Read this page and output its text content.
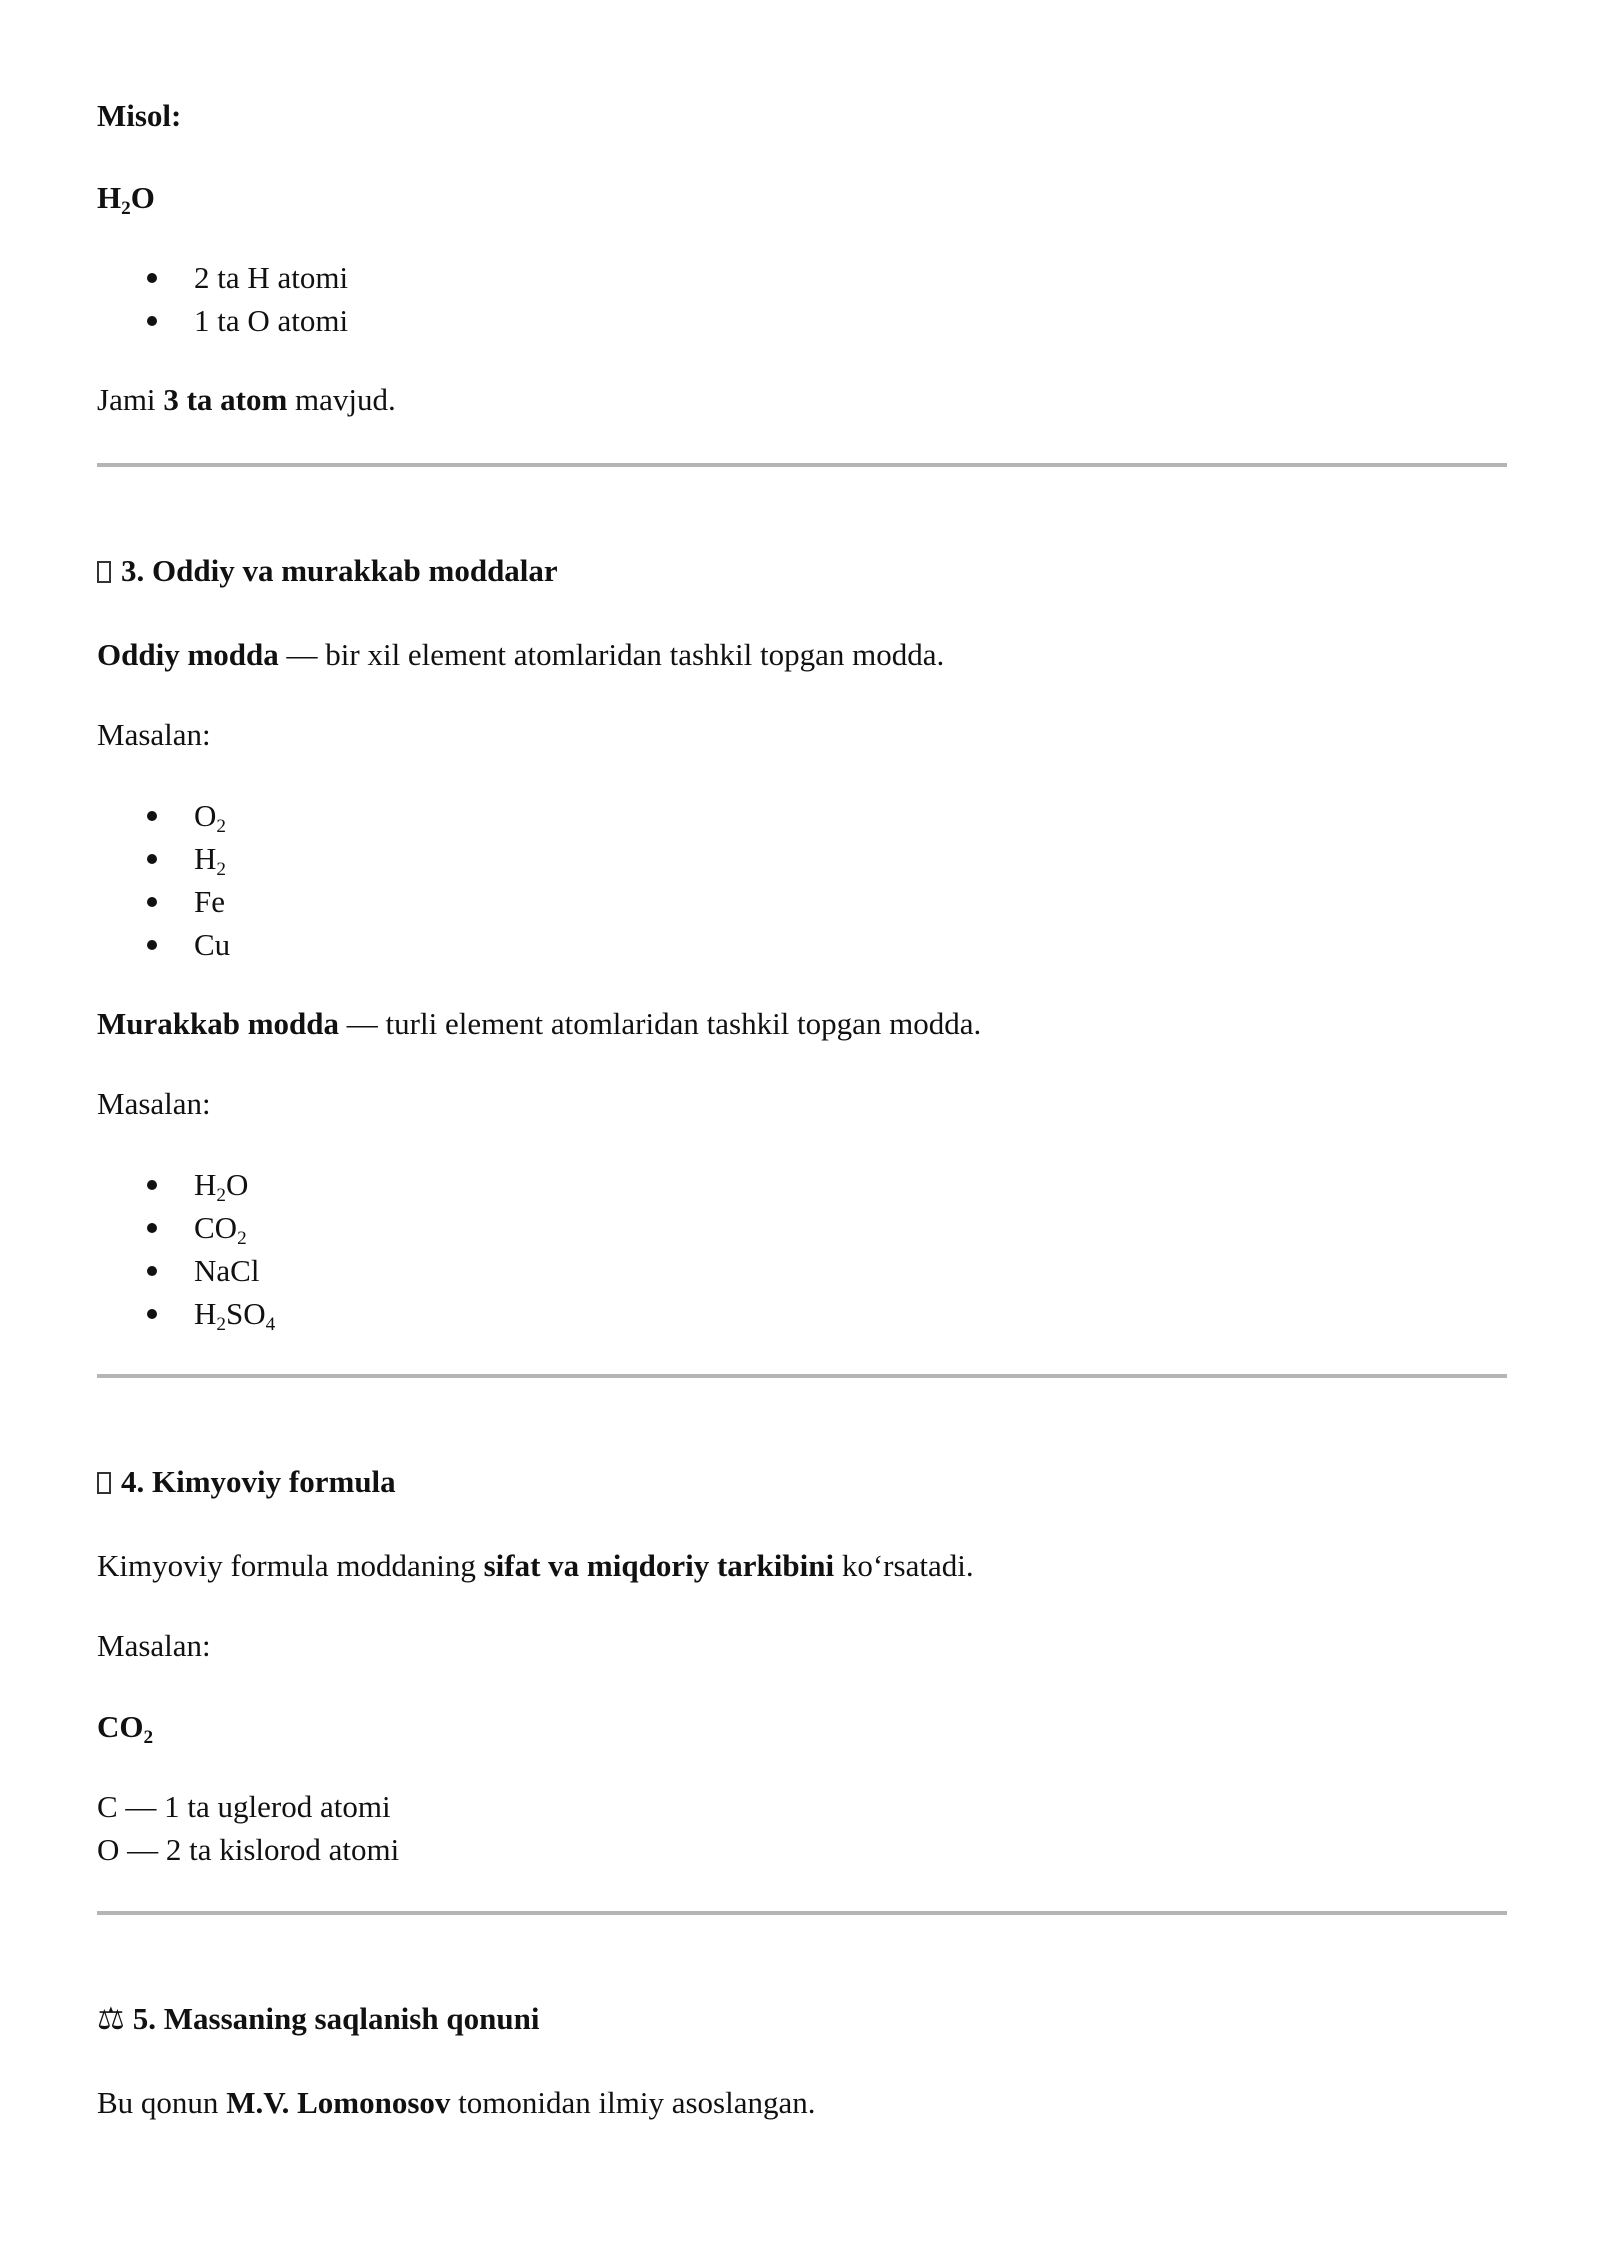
Misol:
$H_2O$
2 ta H atomi
1 ta O atomi
Jami 3 ta atom mavjud.
3. Oddiy va murakkab moddalar
Oddiy modda — bir xil element atomlaridan tashkil topgan modda.
Masalan:
$O_2$
$H_2$
Fe
Cu
Murakkab modda — turli element atomlaridan tashkil topgan modda.
Masalan:
$H_2O$
$CO_2$
NaCl
$H_2SO_4$
4. Kimyoviy formula
Kimyoviy formula moddaning sifat va miqdoriy tarkibini ko‘rsatadi.
Masalan:
$CO_2$
C — 1 ta uglerod atomi
O — 2 ta kislorod atomi
⚖ 5. Massaning saqlanish qonuni
Bu qonun M.V. Lomonosov tomonidan ilmiy asoslangan.
